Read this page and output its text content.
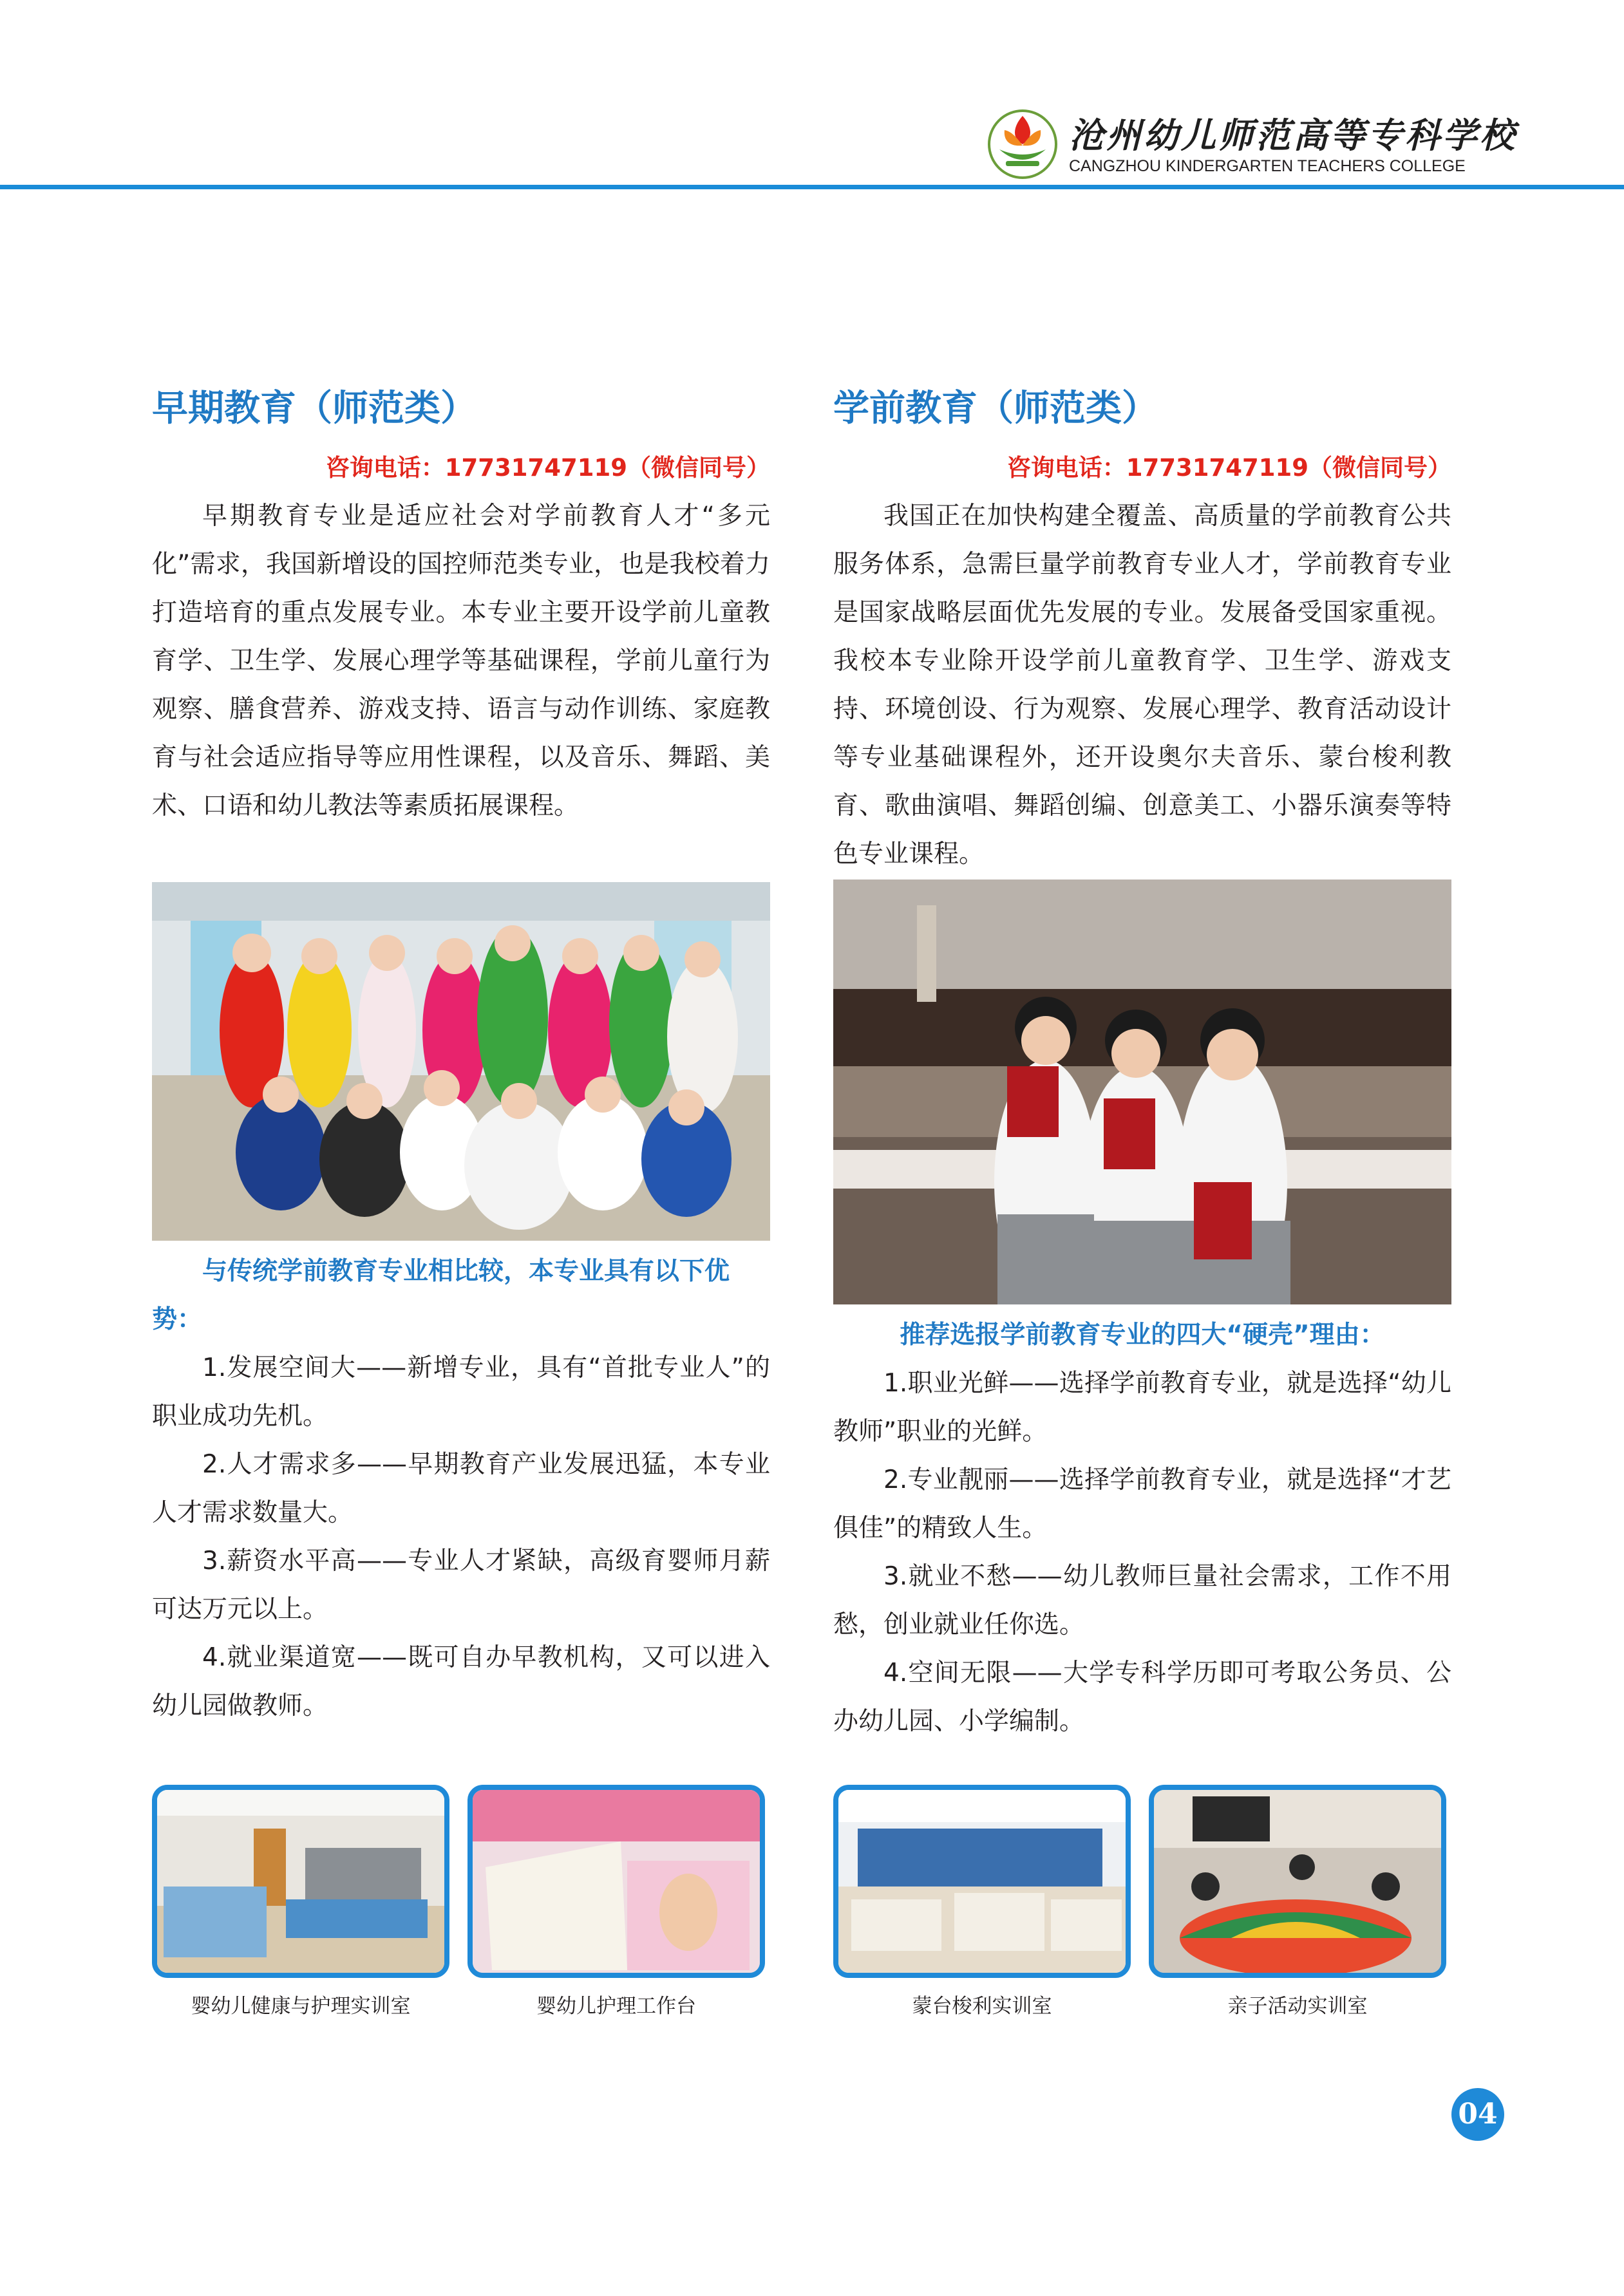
沧州幼儿师范高等专科学校
CANGZHOU KINDERGARTEN TEACHERS COLLEGE
早期教育（师范类）
咨询电话：17731747119（微信同号）

早期教育专业是适应社会对学前教育人才“多元化”需求，我国新增设的国控师范类专业，也是我校着力打造培育的重点发展专业。本专业主要开设学前儿童教育学、卫生学、发展心理学等基础课程，学前儿童行为观察、膳食营养、游戏支持、语言与动作训练、家庭教育与社会适应指导等应用性课程，以及音乐、舞蹈、美术、口语和幼儿教法等素质拓展课程。

与传统学前教育专业相比较，本专业具有以下优势：
1.发展空间大——新增专业，具有“首批专业人”的职业成功先机。
2.人才需求多——早期教育产业发展迅猛，本专业人才需求数量大。
3.薪资水平高——专业人才紧缺，高级育婴师月薪可达万元以上。
4.就业渠道宽——既可自办早教机构，又可以进入幼儿园做教师。
婴幼儿健康与护理实训室	婴幼儿护理工作台
学前教育（师范类）
咨询电话：17731747119（微信同号）

我国正在加快构建全覆盖、高质量的学前教育公共服务体系，急需巨量学前教育专业人才，学前教育专业是国家战略层面优先发展的专业。发展备受国家重视。我校本专业除开设学前儿童教育学、卫生学、游戏支持、环境创设、行为观察、发展心理学、教育活动设计等专业基础课程外，还开设奥尔夫音乐、蒙台梭利教育、歌曲演唱、舞蹈创编、创意美工、小器乐演奏等特色专业课程。

推荐选报学前教育专业的四大“硬壳”理由：
1.职业光鲜——选择学前教育专业，就是选择“幼儿教师”职业的光鲜。
2.专业靓丽——选择学前教育专业，就是选择“才艺俱佳”的精致人生。
3.就业不愁——幼儿教师巨量社会需求，工作不用愁，创业就业任你选。
4.空间无限——大学专科学历即可考取公务员、公办幼儿园、小学编制。
蒙台梭利实训室	亲子活动实训室
04
